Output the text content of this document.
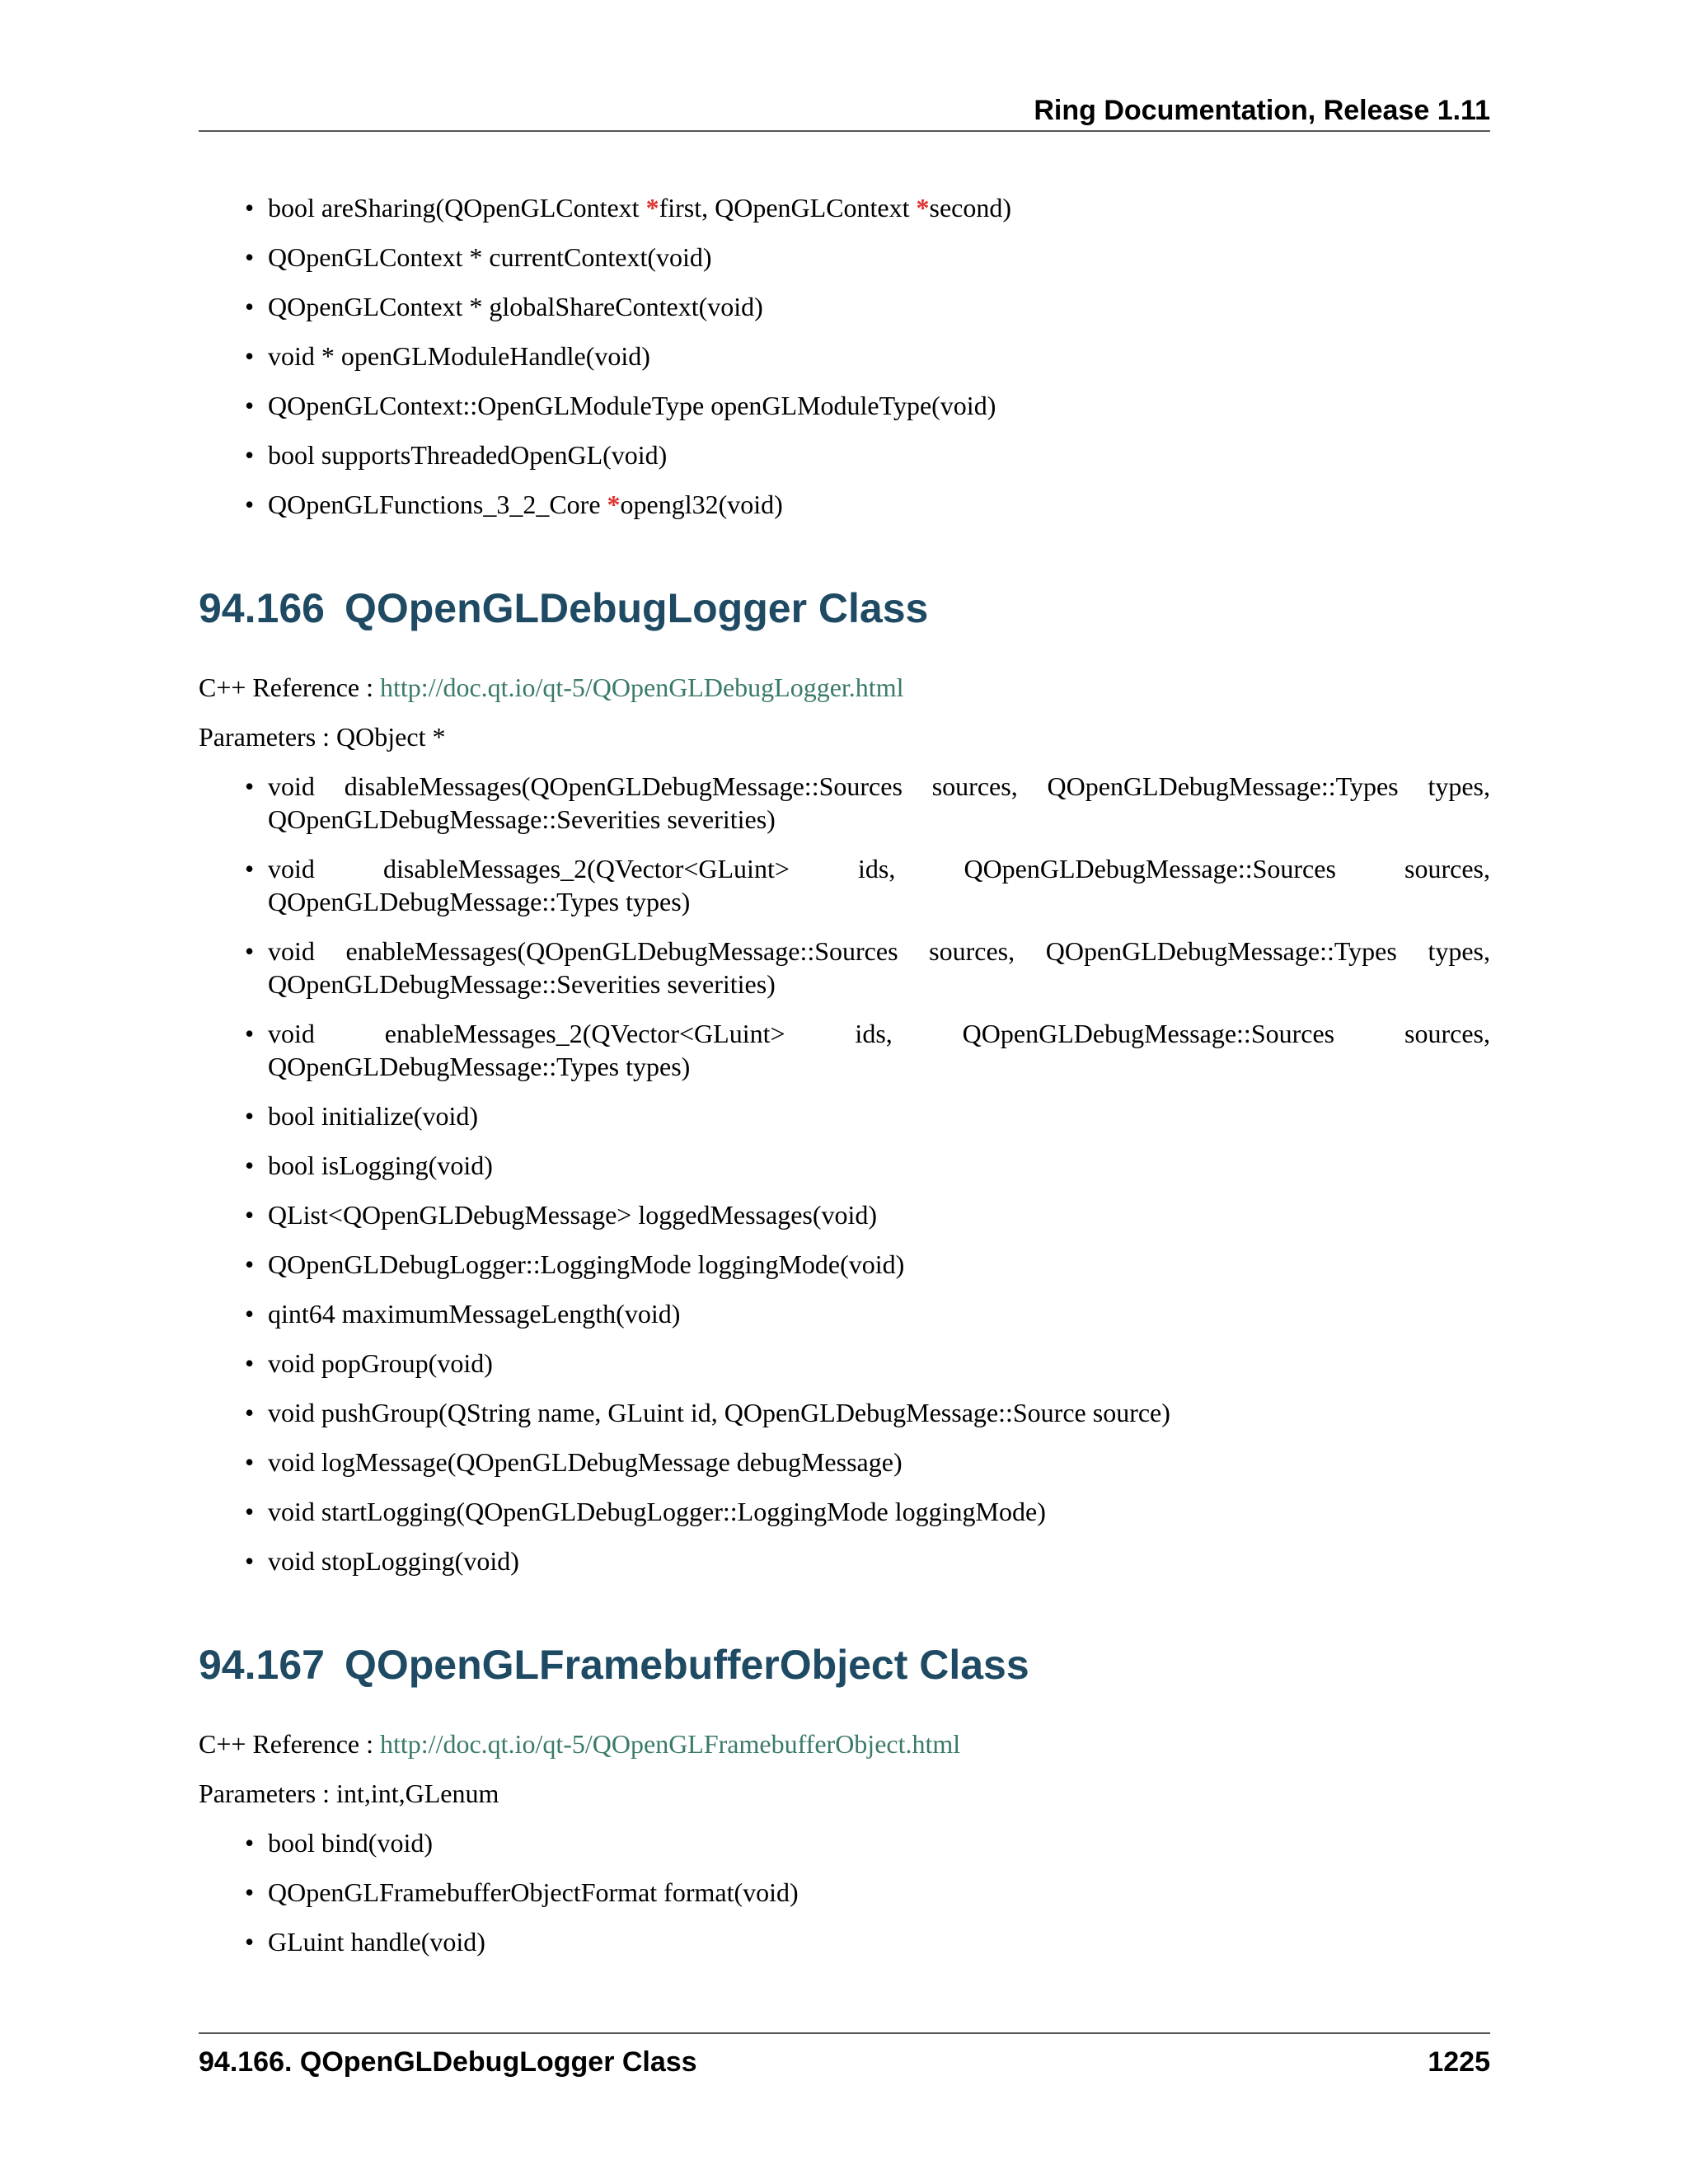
Ring Documentation, Release 1.11
• bool areSharing(QOpenGLContext *first, QOpenGLContext *second)
• QOpenGLContext * currentContext(void)
• QOpenGLContext * globalShareContext(void)
• void * openGLModuleHandle(void)
• QOpenGLContext::OpenGLModuleType openGLModuleType(void)
• bool supportsThreadedOpenGL(void)
• QOpenGLFunctions_3_2_Core *opengl32(void)
94.166 QOpenGLDebugLogger Class

C++ Reference : http://doc.qt.io/qt-5/QOpenGLDebugLogger.html

Parameters : QObject *

• void disableMessages(QOpenGLDebugMessage::Sources sources, QOpenGLDebugMessage::Types types, QOpenGLDebugMessage::Severities severities)
• void disableMessages_2(QVector<GLuint> ids, QOpenGLDebugMessage::Sources sources, QOpenGLDebugMessage::Types types)
• void enableMessages(QOpenGLDebugMessage::Sources sources, QOpenGLDebugMessage::Types types, QOpenGLDebugMessage::Severities severities)
• void enableMessages_2(QVector<GLuint> ids, QOpenGLDebugMessage::Sources sources, QOpenGLDebugMessage::Types types)
• bool initialize(void)
• bool isLogging(void)
• QList<QOpenGLDebugMessage> loggedMessages(void)
• QOpenGLDebugLogger::LoggingMode loggingMode(void)
• qint64 maximumMessageLength(void)
• void popGroup(void)
• void pushGroup(QString name, GLuint id, QOpenGLDebugMessage::Source source)
• void logMessage(QOpenGLDebugMessage debugMessage)
• void startLogging(QOpenGLDebugLogger::LoggingMode loggingMode)
• void stopLogging(void)
94.167 QOpenGLFramebufferObject Class

C++ Reference : http://doc.qt.io/qt-5/QOpenGLFramebufferObject.html

Parameters : int,int,GLenum

• bool bind(void)
• QOpenGLFramebufferObjectFormat format(void)
• GLuint handle(void)
94.166. QOpenGLDebugLogger Class	1225
